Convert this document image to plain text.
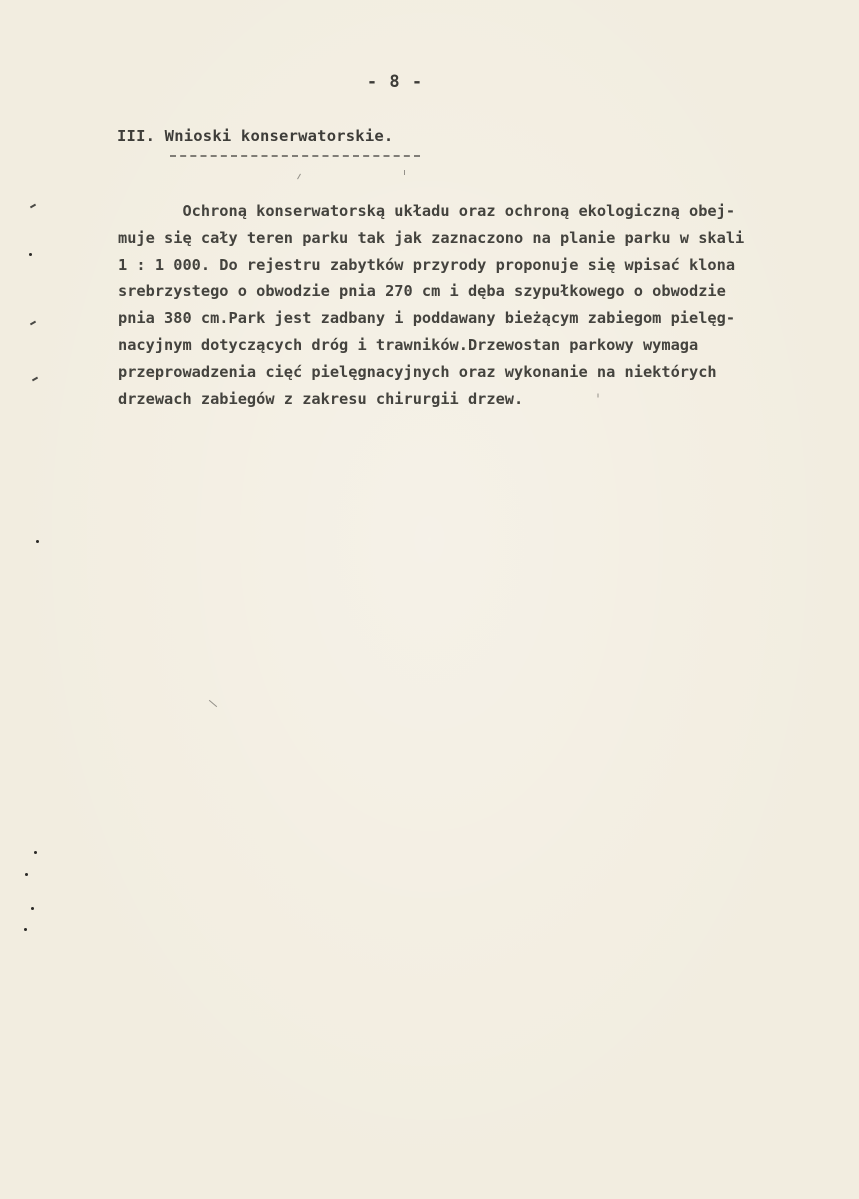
- 8 -
III. Wnioski konserwatorskie.
Ochroną konserwatorską układu oraz ochroną ekologiczną obej-
muje się cały teren parku tak jak zaznaczono na planie parku w skali
1 : 1 000. Do rejestru zabytków przyrody proponuje się wpisać klona
srebrzystego o obwodzie pnia 270 cm i dęba szypułkowego o obwodzie
pnia 380 cm.Park jest zadbany i poddawany bieżącym zabiegom pielęg-
nacyjnym dotyczących dróg i trawników.Drzewostan parkowy wymaga
przeprowadzenia cięć pielęgnacyjnych oraz wykonanie na niektórych
drzewach zabiegów z zakresu chirurgii drzew.
